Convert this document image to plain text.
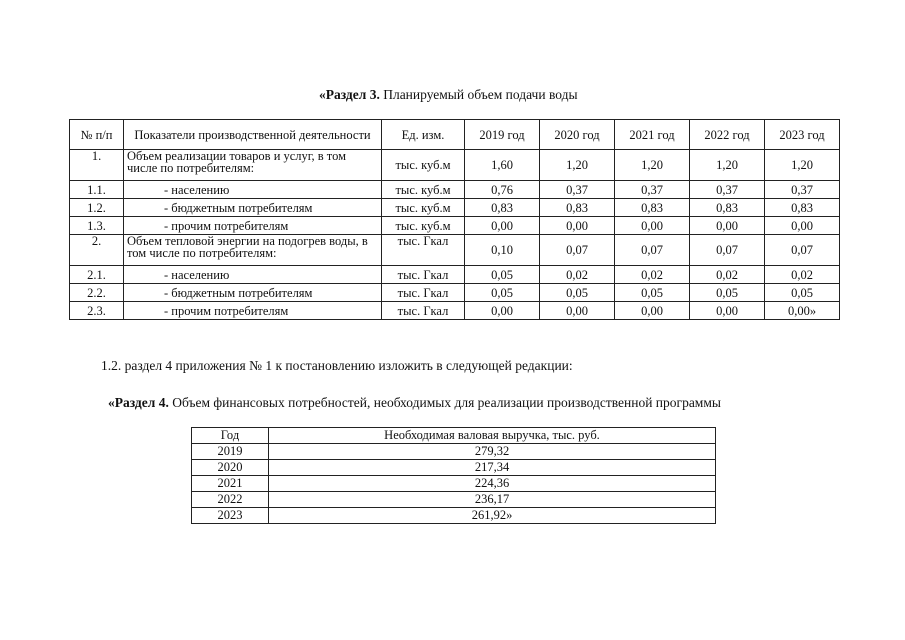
«Раздел 3. Планируемый объем подачи воды
№ п/п	Показатели производственной деятельности	Ед. изм.	2019 год	2020 год	2021 год	2022 год	2023 год
1.	Объем реализации товаров и услуг, в том числе по потребителям:	тыс. куб.м	1,60	1,20	1,20	1,20	1,20
1.1.	- населению	тыс. куб.м	0,76	0,37	0,37	0,37	0,37
1.2.	- бюджетным потребителям	тыс. куб.м	0,83	0,83	0,83	0,83	0,83
1.3.	- прочим потребителям	тыс. куб.м	0,00	0,00	0,00	0,00	0,00
2.	Объем тепловой энергии на подогрев воды, в том числе по потребителям:	тыс. Гкал	0,10	0,07	0,07	0,07	0,07
2.1.	- населению	тыс. Гкал	0,05	0,02	0,02	0,02	0,02
2.2.	- бюджетным потребителям	тыс. Гкал	0,05	0,05	0,05	0,05	0,05
2.3.	- прочим потребителям	тыс. Гкал	0,00	0,00	0,00	0,00	0,00»
1.2. раздел 4 приложения № 1 к постановлению изложить в следующей редакции:
«Раздел 4. Объем финансовых потребностей, необходимых для реализации производственной программы
Год	Необходимая валовая выручка, тыс. руб.
2019	279,32
2020	217,34
2021	224,36
2022	236,17
2023	261,92»
